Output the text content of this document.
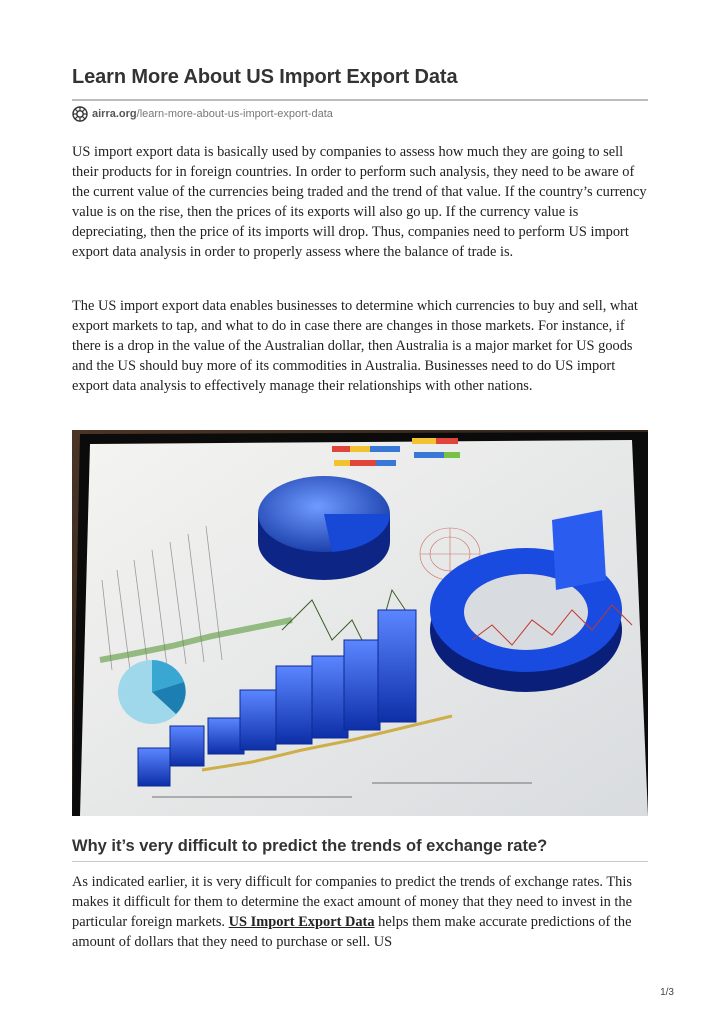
Learn More About US Import Export Data
airra.org /learn-more-about-us-import-export-data

US import export data is basically used by companies to assess how much they are going to sell their products for in foreign countries. In order to perform such analysis, they need to be aware of the current value of the currencies being traded and the trend of that value. If the country’s currency value is on the rise, then the prices of its exports will also go up. If the currency value is depreciating, then the price of its imports will drop. Thus, companies need to perform US import export data analysis in order to properly assess where the balance of trade is.

The US import export data enables businesses to determine which currencies to buy and sell, what export markets to tap, and what to do in case there are changes in those markets. For instance, if there is a drop in the value of the Australian dollar, then Australia is a major market for US goods and the US should buy more of its commodities in Australia. Businesses need to do US import export data analysis to effectively manage their relationships with other nations.

Why it’s very difficult to predict the trends of exchange rate?

As indicated earlier, it is very difficult for companies to predict the trends of exchange rates. This makes it difficult for them to determine the exact amount of money that they need to invest in the particular foreign markets. US Import Export Data helps them make accurate predictions of the amount of dollars that they need to purchase or sell. US

1/3
